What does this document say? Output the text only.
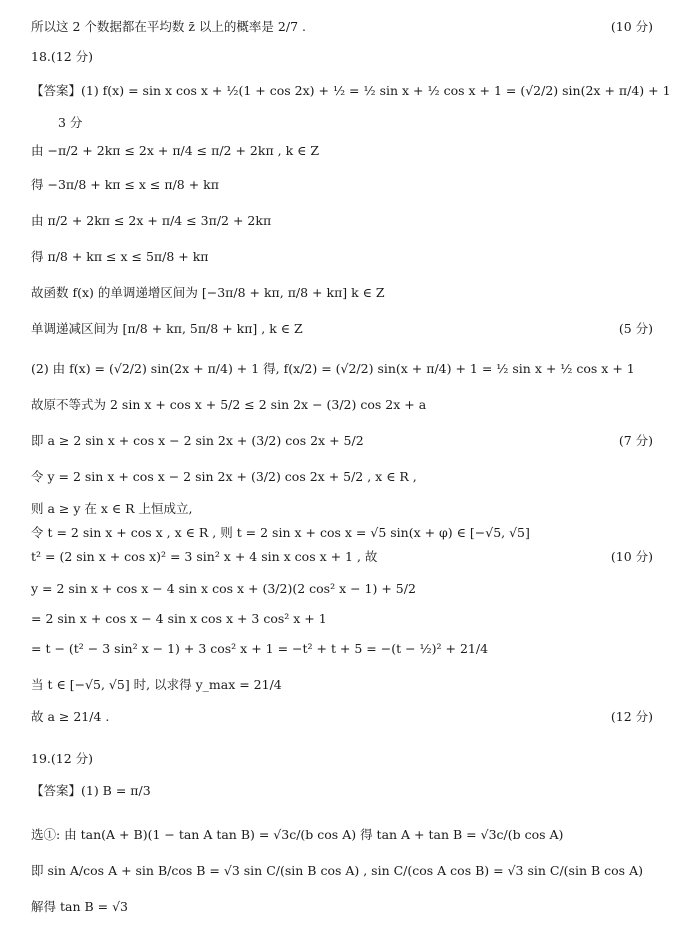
所以这 2 个数据都在平均数 z̄ 以上的概率是 2/7 .	(10 分)
18.(12 分)
【答案】(1) f(x) = sin x cos x + ½(1 + cos 2x) + ½ = ½ sin x + ½ cos x + 1 = (√2/2) sin(2x + π/4) + 1
3 分
由 −π/2 + 2kπ ≤ 2x + π/4 ≤ π/2 + 2kπ , k ∈ Z
得 −3π/8 + kπ ≤ x ≤ π/8 + kπ
由 π/2 + 2kπ ≤ 2x + π/4 ≤ 3π/2 + 2kπ
得 π/8 + kπ ≤ x ≤ 5π/8 + kπ
故函数 f(x) 的单调递增区间为 [−3π/8 + kπ, π/8 + kπ] k ∈ Z
单调递减区间为 [π/8 + kπ, 5π/8 + kπ] , k ∈ Z	(5 分)
(2) 由 f(x) = (√2/2) sin(2x + π/4) + 1 得, f(x/2) = (√2/2) sin(x + π/4) + 1 = ½ sin x + ½ cos x + 1
故原不等式为 2 sin x + cos x + 5/2 ≤ 2 sin 2x − (3/2) cos 2x + a
即 a ≥ 2 sin x + cos x − 2 sin 2x + (3/2) cos 2x + 5/2	(7 分)
令 y = 2 sin x + cos x − 2 sin 2x + (3/2) cos 2x + 5/2 , x ∈ R ,
则 a ≥ y 在 x ∈ R 上恒成立,
令 t = 2 sin x + cos x , x ∈ R , 则 t = 2 sin x + cos x = √5 sin(x + φ) ∈ [−√5, √5]
t² = (2 sin x + cos x)² = 3 sin² x + 4 sin x cos x + 1 , 故	(10 分)
y = 2 sin x + cos x − 4 sin x cos x + (3/2)(2 cos² x − 1) + 5/2
= 2 sin x + cos x − 4 sin x cos x + 3 cos² x + 1
= t − (t² − 3 sin² x − 1) + 3 cos² x + 1 = −t² + t + 5 = −(t − ½)² + 21/4
当 t ∈ [−√5, √5] 时, 以求得 y_max = 21/4
故 a ≥ 21/4 .	(12 分)
19.(12 分)
【答案】(1) B = π/3
选①: 由 tan(A + B)(1 − tan A tan B) = √3c/(b cos A) 得 tan A + tan B = √3c/(b cos A)
即 sin A/cos A + sin B/cos B = √3 sin C/(sin B cos A) , sin C/(cos A cos B) = √3 sin C/(sin B cos A)
解得 tan B = √3
